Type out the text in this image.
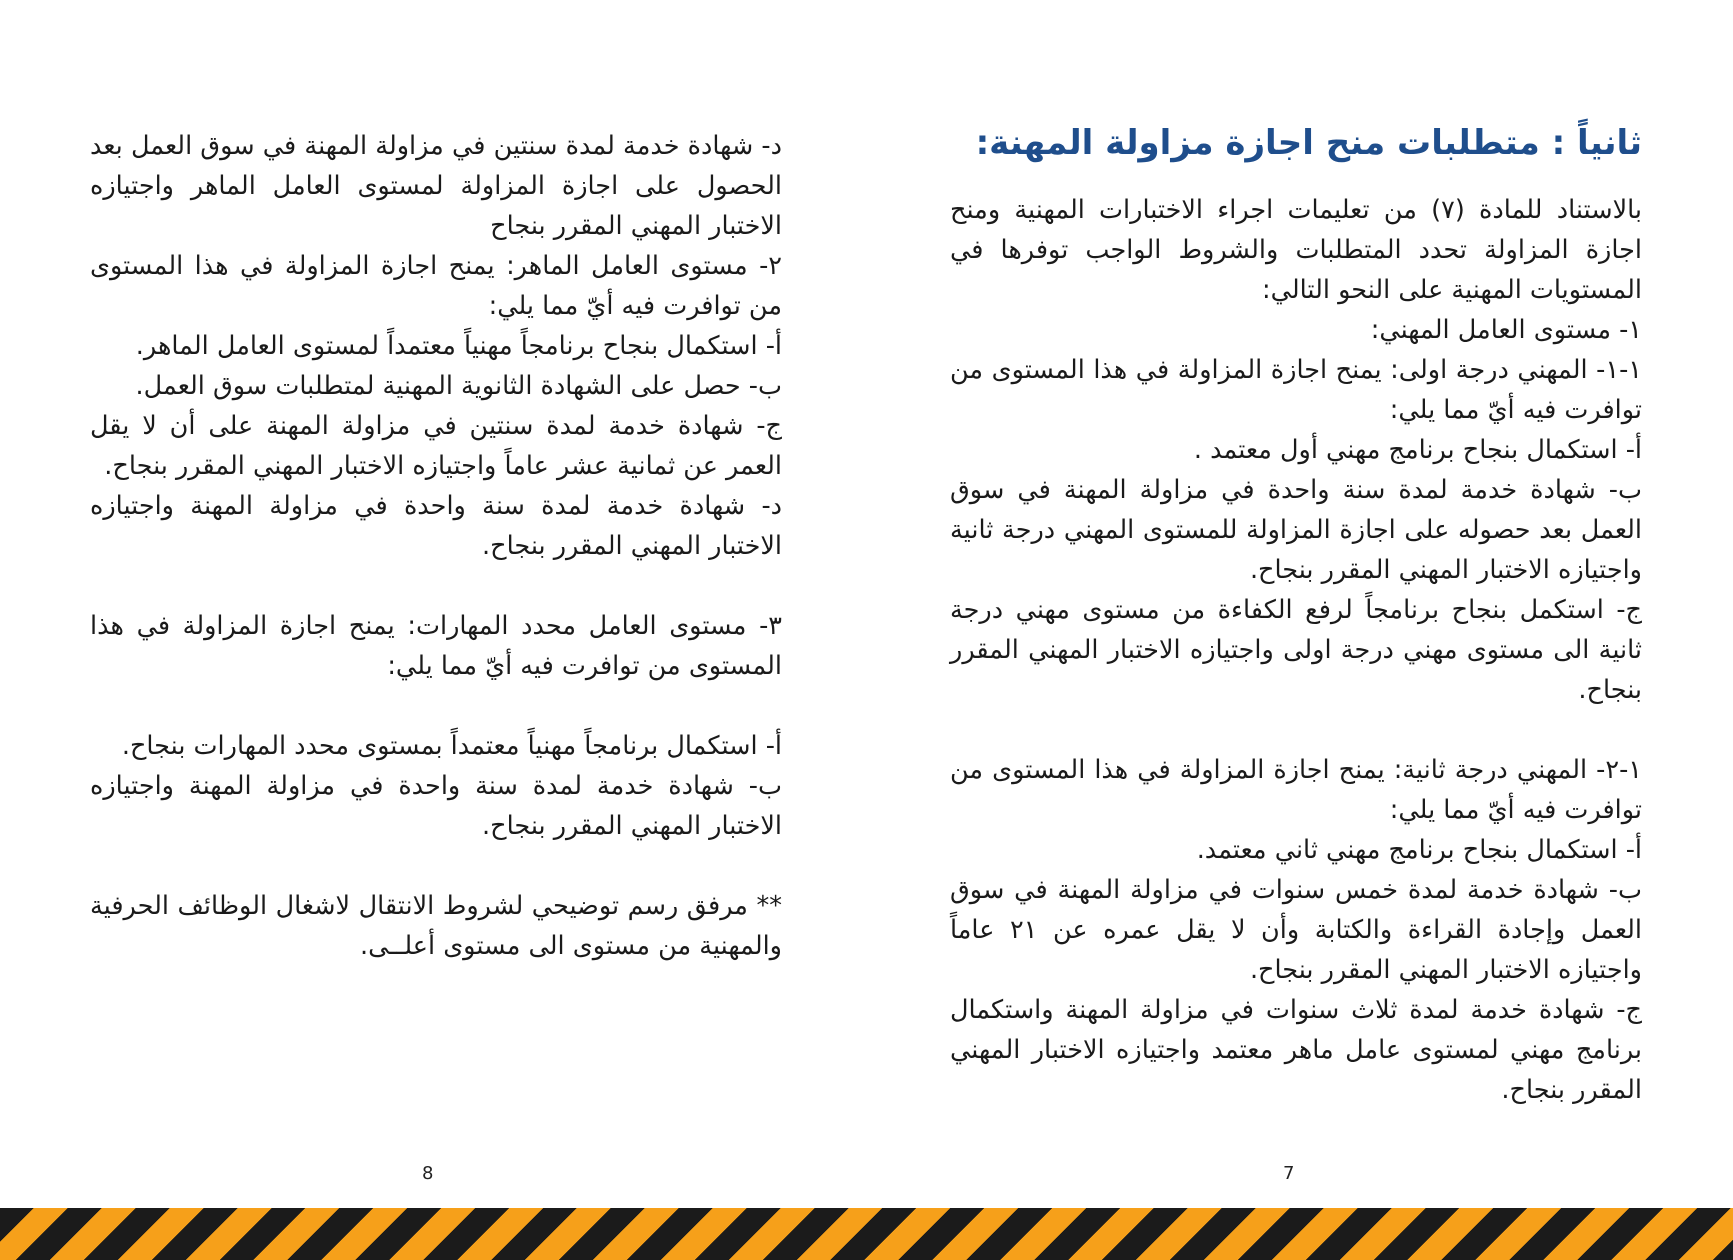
ثانياً : متطلبات منح اجازة مزاولة المهنة:

بالاستناد للمادة (٧) من تعليمات اجراء الاختبارات المهنية ومنح اجازة المزاولة تحدد المتطلبات والشروط الواجب توفرها في المستويات المهنية على النحو التالي:

١- مستوى العامل المهني:

١-١- المهني درجة اولى: يمنح اجازة المزاولة في هذا المستوى من توافرت فيه أيّ مما يلي:

أ- استكمال بنجاح برنامج مهني أول معتمد .

ب- شهادة خدمة لمدة سنة واحدة في مزاولة المهنة في سوق العمل بعد حصوله على اجازة المزاولة للمستوى المهني درجة ثانية واجتيازه الاختبار المهني المقرر بنجاح.

ج- استكمل بنجاح برنامجاً لرفع الكفاءة من مستوى مهني درجة ثانية الى مستوى مهني درجة اولى واجتيازه الاختبار المهني المقرر بنجاح.

١-٢- المهني درجة ثانية: يمنح اجازة المزاولة في هذا المستوى من توافرت فيه أيّ مما يلي:

أ- استكمال بنجاح برنامج مهني ثاني معتمد.

ب- شهادة خدمة لمدة خمس سنوات في مزاولة المهنة في سوق العمل وإجادة القراءة والكتابة وأن لا يقل عمره عن ٢١ عاماً واجتيازه الاختبار المهني المقرر بنجاح.

ج- شهادة خدمة لمدة ثلاث سنوات في مزاولة المهنة واستكمال برنامج مهني لمستوى عامل ماهر معتمد واجتيازه الاختبار المهني المقرر بنجاح.

د- شهادة خدمة لمدة سنتين في مزاولة المهنة في سوق العمل بعد الحصول على اجازة المزاولة لمستوى العامل الماهر واجتيازه الاختبار المهني المقرر بنجاح

٢- مستوى العامل الماهر: يمنح اجازة المزاولة في هذا المستوى من توافرت فيه أيّ مما يلي:

أ- استكمال بنجاح برنامجاً مهنياً معتمداً لمستوى العامل الماهر.

ب- حصل على الشهادة الثانوية المهنية لمتطلبات سوق العمل.

ج- شهادة خدمة لمدة سنتين في مزاولة المهنة على أن لا يقل العمر عن ثمانية عشر عاماً واجتيازه الاختبار المهني المقرر بنجاح.

د- شهادة خدمة لمدة سنة واحدة في مزاولة المهنة واجتيازه الاختبار المهني المقرر بنجاح.

٣- مستوى العامل محدد المهارات: يمنح اجازة المزاولة في هذا المستوى من توافرت فيه أيّ مما يلي:

أ- استكمال برنامجاً مهنياً معتمداً بمستوى محدد المهارات بنجاح.

ب- شهادة خدمة لمدة سنة واحدة في مزاولة المهنة واجتيازه الاختبار المهني المقرر بنجاح.

** مرفق رسم توضيحي لشروط الانتقال لاشغال الوظائف الحرفية والمهنية من مستوى الى مستوى أعلــى.

8	7
